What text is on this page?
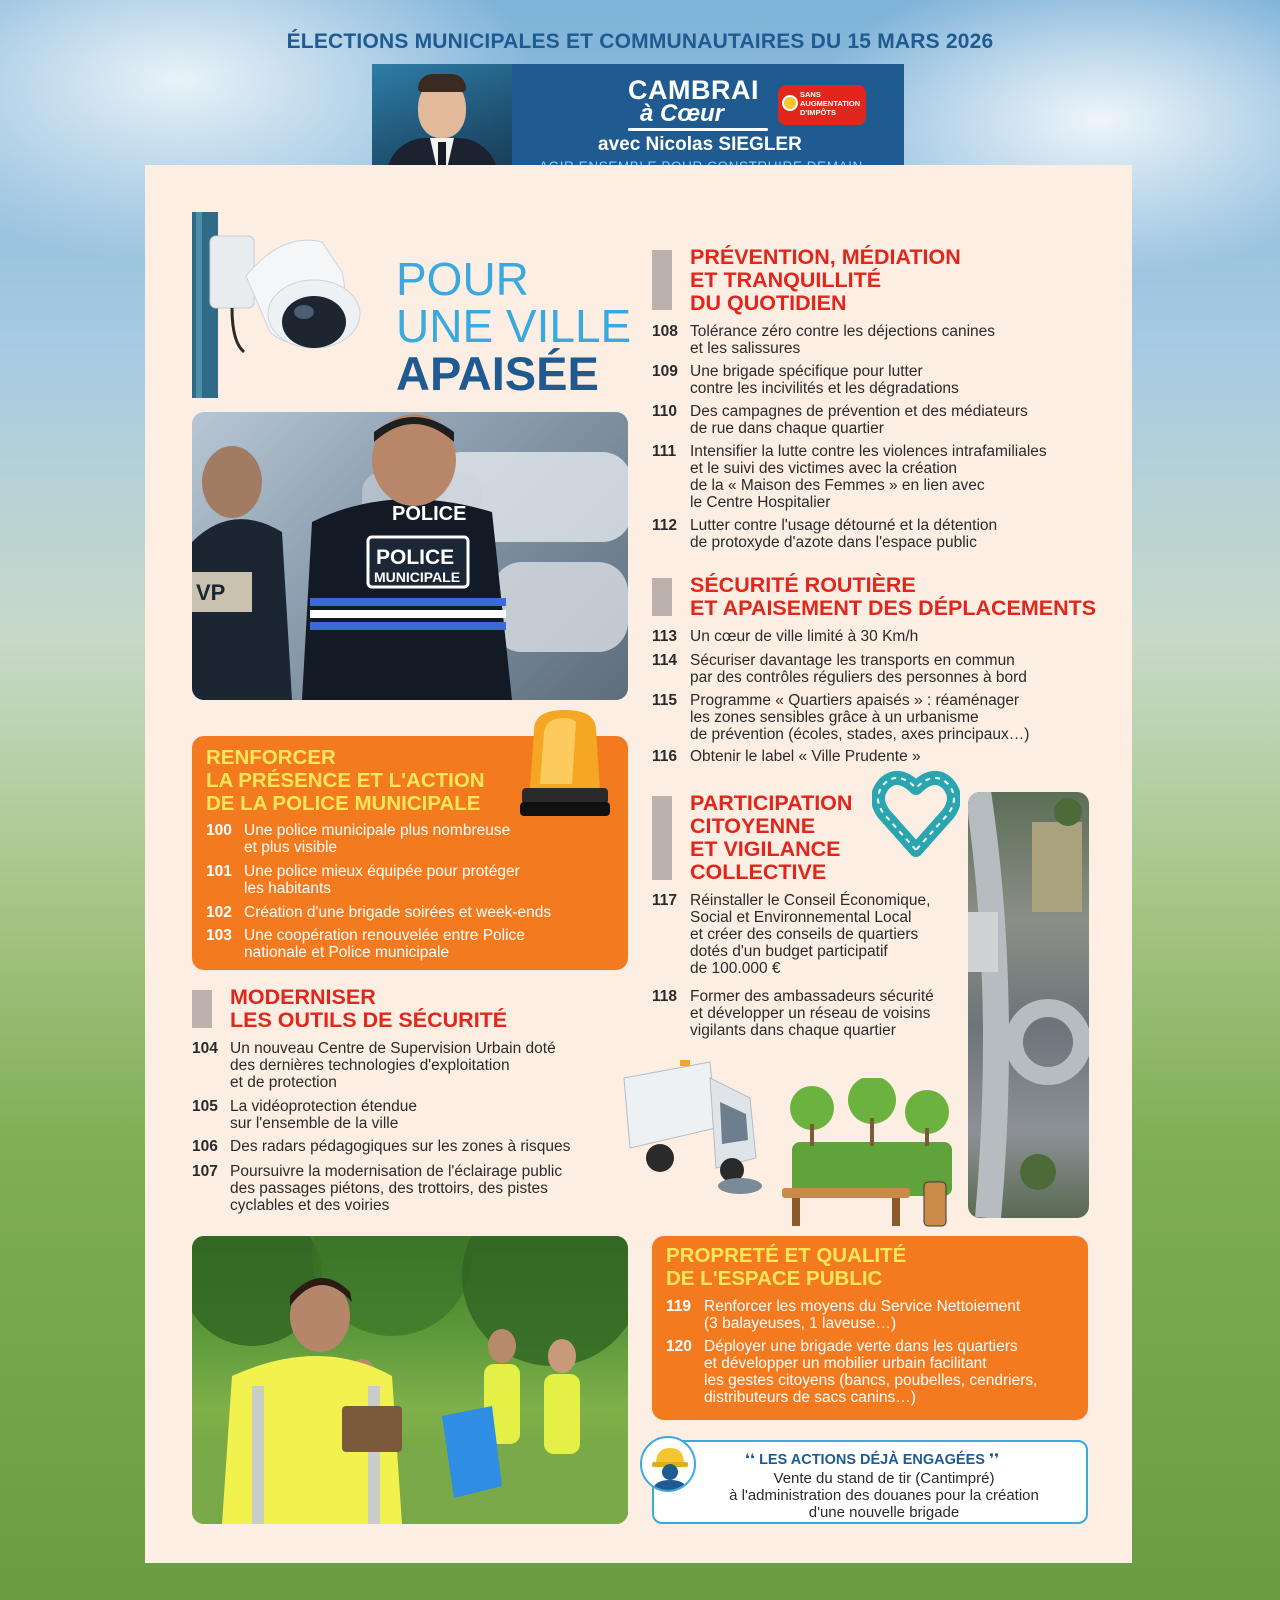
ÉLECTIONS MUNICIPALES ET COMMUNAUTAIRES DU 15 MARS 2026
CAMBRAI
à Cœur
SANS AUGMENTATION D'IMPÔTS
avec Nicolas SIEGLER
POUR
UNE VILLE
APAISÉE
VP
POLICE
POLICE
MUNICIPALE
RENFORCER
LA PRÉSENCE ET L'ACTION
DE LA POLICE MUNICIPALE
100 Une police municipale plus nombreuse
et plus visible
101 Une police mieux équipée pour protéger
les habitants
102 Création d'une brigade soirées et week-ends
103 Une coopération renouvelée entre Police
nationale et Police municipale
MODERNISER
LES OUTILS DE SÉCURITÉ
104 Un nouveau Centre de Supervision Urbain doté
des dernières technologies d'exploitation
et de protection
105 La vidéoprotection étendue
sur l'ensemble de la ville
106 Des radars pédagogiques sur les zones à risques
107 Poursuivre la modernisation de l'éclairage public
des passages piétons, des trottoirs, des pistes
cyclables et des voiries
PRÉVENTION, MÉDIATION
ET TRANQUILLITÉ
DU QUOTIDIEN
108 Tolérance zéro contre les déjections canines
et les salissures
109 Une brigade spécifique pour lutter
contre les incivilités et les dégradations
110 Des campagnes de prévention et des médiateurs
de rue dans chaque quartier
111 Intensifier la lutte contre les violences intrafamiliales
et le suivi des victimes avec la création
de la « Maison des Femmes » en lien avec
le Centre Hospitalier
112 Lutter contre l'usage détourné et la détention
de protoxyde d'azote dans l'espace public
SÉCURITÉ ROUTIÈRE
ET APAISEMENT DES DÉPLACEMENTS
113 Un cœur de ville limité à 30 Km/h
114 Sécuriser davantage les transports en commun
par des contrôles réguliers des personnes à bord
115 Programme « Quartiers apaisés » : réaménager
les zones sensibles grâce à un urbanisme
de prévention (écoles, stades, axes principaux…)
116 Obtenir le label « Ville Prudente »
PARTICIPATION
CITOYENNE
ET VIGILANCE
COLLECTIVE
117 Réinstaller le Conseil Économique,
Social et Environnemental Local
et créer des conseils de quartiers
dotés d'un budget participatif
de 100.000 €
118 Former des ambassadeurs sécurité
et développer un réseau de voisins
vigilants dans chaque quartier
PROPRETÉ ET QUALITÉ
DE L'ESPACE PUBLIC
119 Renforcer les moyens du Service Nettoiement
(3 balayeuses, 1 laveuse…)
120 Déployer une brigade verte dans les quartiers
et développer un mobilier urbain facilitant
les gestes citoyens (bancs, poubelles, cendriers,
distributeurs de sacs canins…)
❛❛ LES ACTIONS DÉJÀ ENGAGÉES ❜❜
Vente du stand de tir (Cantimpré)
à l'administration des douanes pour la création
d'une nouvelle brigade
